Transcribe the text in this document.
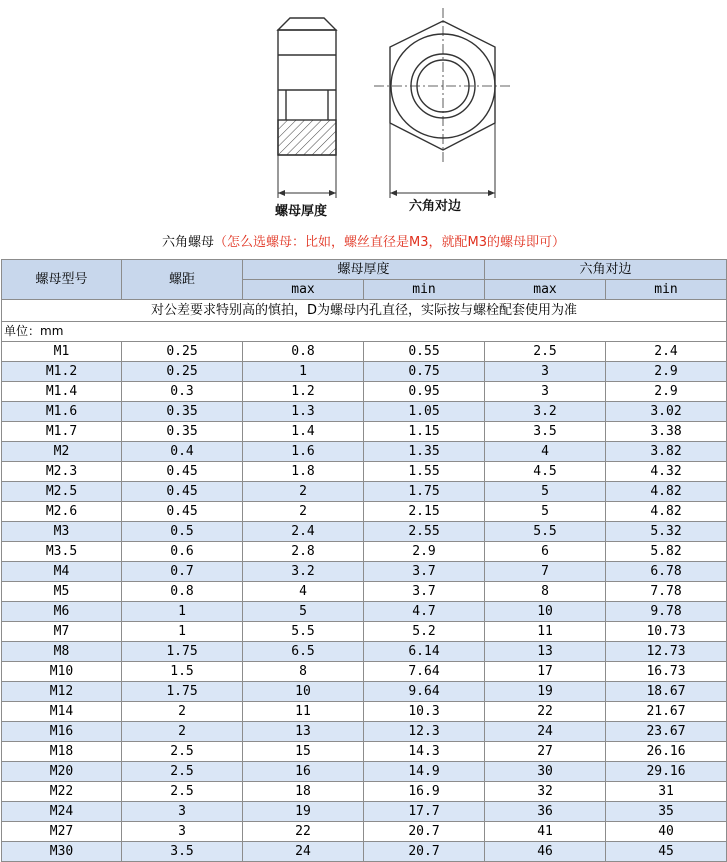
螺母厚度	六角对边
六角螺母（怎么选螺母：比如，螺丝直径是M3，就配M3的螺母即可）
对公差要求特别高的慎拍，D为螺母内孔直径，实际按与螺栓配套使用为准					
单位：mm					
螺母型号	螺距	螺母厚度		六角对边	
		max	min	max	min
M1	0.25	0.8	0.55	2.5	2.4
M1.2	0.25	1	0.75	3	2.9
M1.4	0.3	1.2	0.95	3	2.9
M1.6	0.35	1.3	1.05	3.2	3.02
M1.7	0.35	1.4	1.15	3.5	3.38
M2	0.4	1.6	1.35	4	3.82
M2.3	0.45	1.8	1.55	4.5	4.32
M2.5	0.45	2	1.75	5	4.82
M2.6	0.45	2	2.15	5	4.82
M3	0.5	2.4	2.55	5.5	5.32
M3.5	0.6	2.8	2.9	6	5.82
M4	0.7	3.2	3.7	7	6.78
M5	0.8	4	3.7	8	7.78
M6	1	5	4.7	10	9.78
M7	1	5.5	5.2	11	10.73
M8	1.75	6.5	6.14	13	12.73
M10	1.5	8	7.64	17	16.73
M12	1.75	10	9.64	19	18.67
M14	2	11	10.3	22	21.67
M16	2	13	12.3	24	23.67
M18	2.5	15	14.3	27	26.16
M20	2.5	16	14.9	30	29.16
M22	2.5	18	16.9	32	31
M24	3	19	17.7	36	35
M27	3	22	20.7	41	40
M30	3.5	24	20.7	46	45
